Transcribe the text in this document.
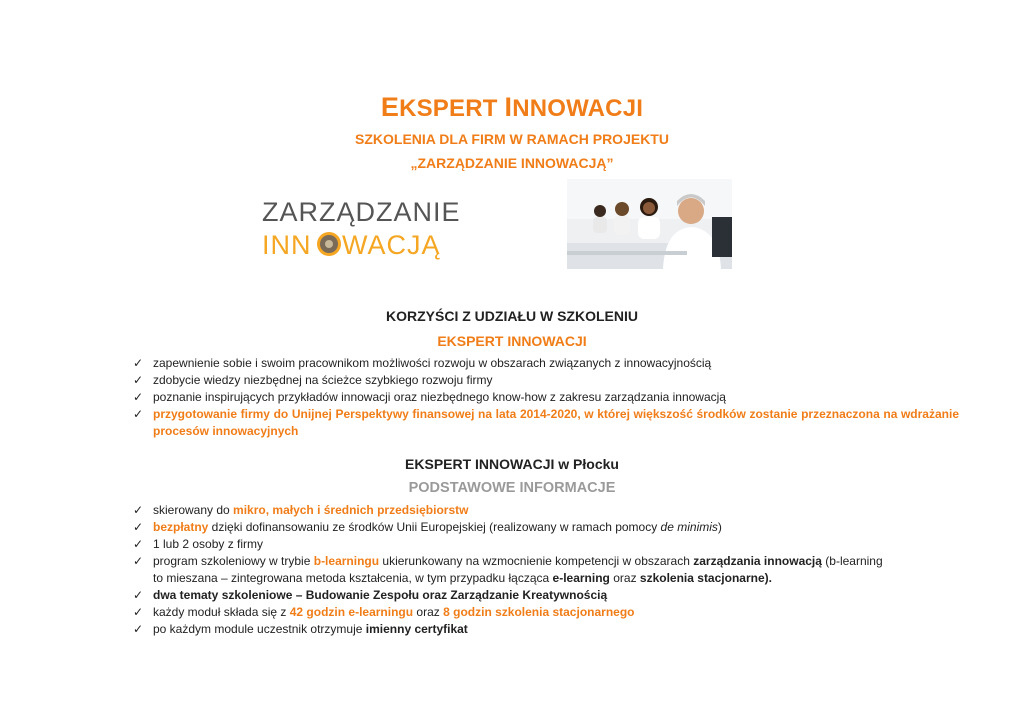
EKSPERT INNOWACJI
SZKOLENIA DLA FIRM W RAMACH PROJEKTU
„ZARZĄDZANIE INNOWACJĄ”
ZARZĄDZANIE
INN WACJĄ
KORZYŚCI Z UDZIAŁU W SZKOLENIU
EKSPERT INNOWACJI
✓ zapewnienie sobie i swoim pracownikom możliwości rozwoju w obszarach związanych z innowacyjnością
✓ zdobycie wiedzy niezbędnej na ścieżce szybkiego rozwoju firmy
✓ poznanie inspirujących przykładów innowacji oraz niezbędnego know-how z zakresu zarządzania innowacją
✓ przygotowanie firmy do Unijnej Perspektywy finansowej na lata 2014-2020, w której większość środków zostanie przeznaczona na wdrażanie procesów innowacyjnych
EKSPERT INNOWACJI w Płocku
PODSTAWOWE INFORMACJE
✓ skierowany do mikro, małych i średnich przedsiębiorstw
✓ bezpłatny dzięki dofinansowaniu ze środków Unii Europejskiej (realizowany w ramach pomocy de minimis)
✓ 1 lub 2 osoby z firmy
✓ program szkoleniowy w trybie b-learningu ukierunkowany na wzmocnienie kompetencji w obszarach zarządzania innowacją (b-learning
to mieszana – zintegrowana metoda kształcenia, w tym przypadku łącząca e-learning oraz szkolenia stacjonarne).
✓ dwa tematy szkoleniowe – Budowanie Zespołu oraz Zarządzanie Kreatywnością
✓ każdy moduł składa się z 42 godzin e-learningu oraz 8 godzin szkolenia stacjonarnego
✓ po każdym module uczestnik otrzymuje imienny certyfikat
